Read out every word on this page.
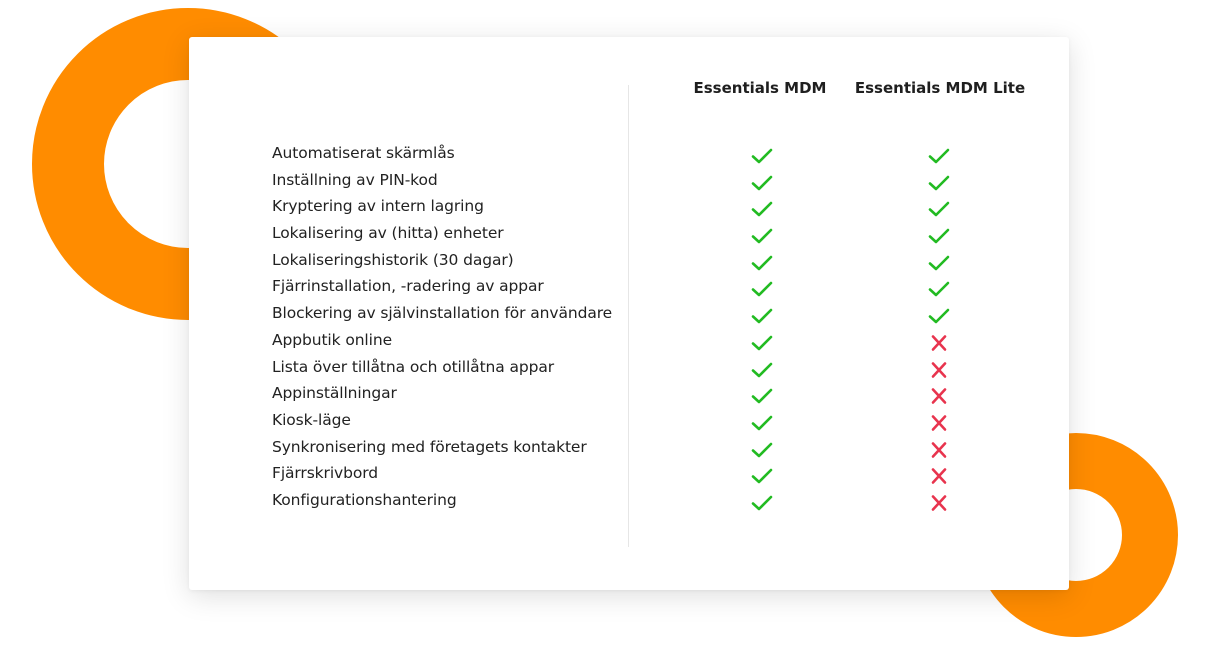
Essentials MDM	Essentials MDM Lite
Automatiserat skärmlås
Inställning av PIN-kod
Kryptering av intern lagring
Lokalisering av (hitta) enheter
Lokaliseringshistorik (30 dagar)
Fjärrinstallation, -radering av appar
Blockering av självinstallation för användare
Appbutik online
Lista över tillåtna och otillåtna appar
Appinställningar
Kiosk-läge
Synkronisering med företagets kontakter
Fjärrskrivbord
Konfigurationshantering
